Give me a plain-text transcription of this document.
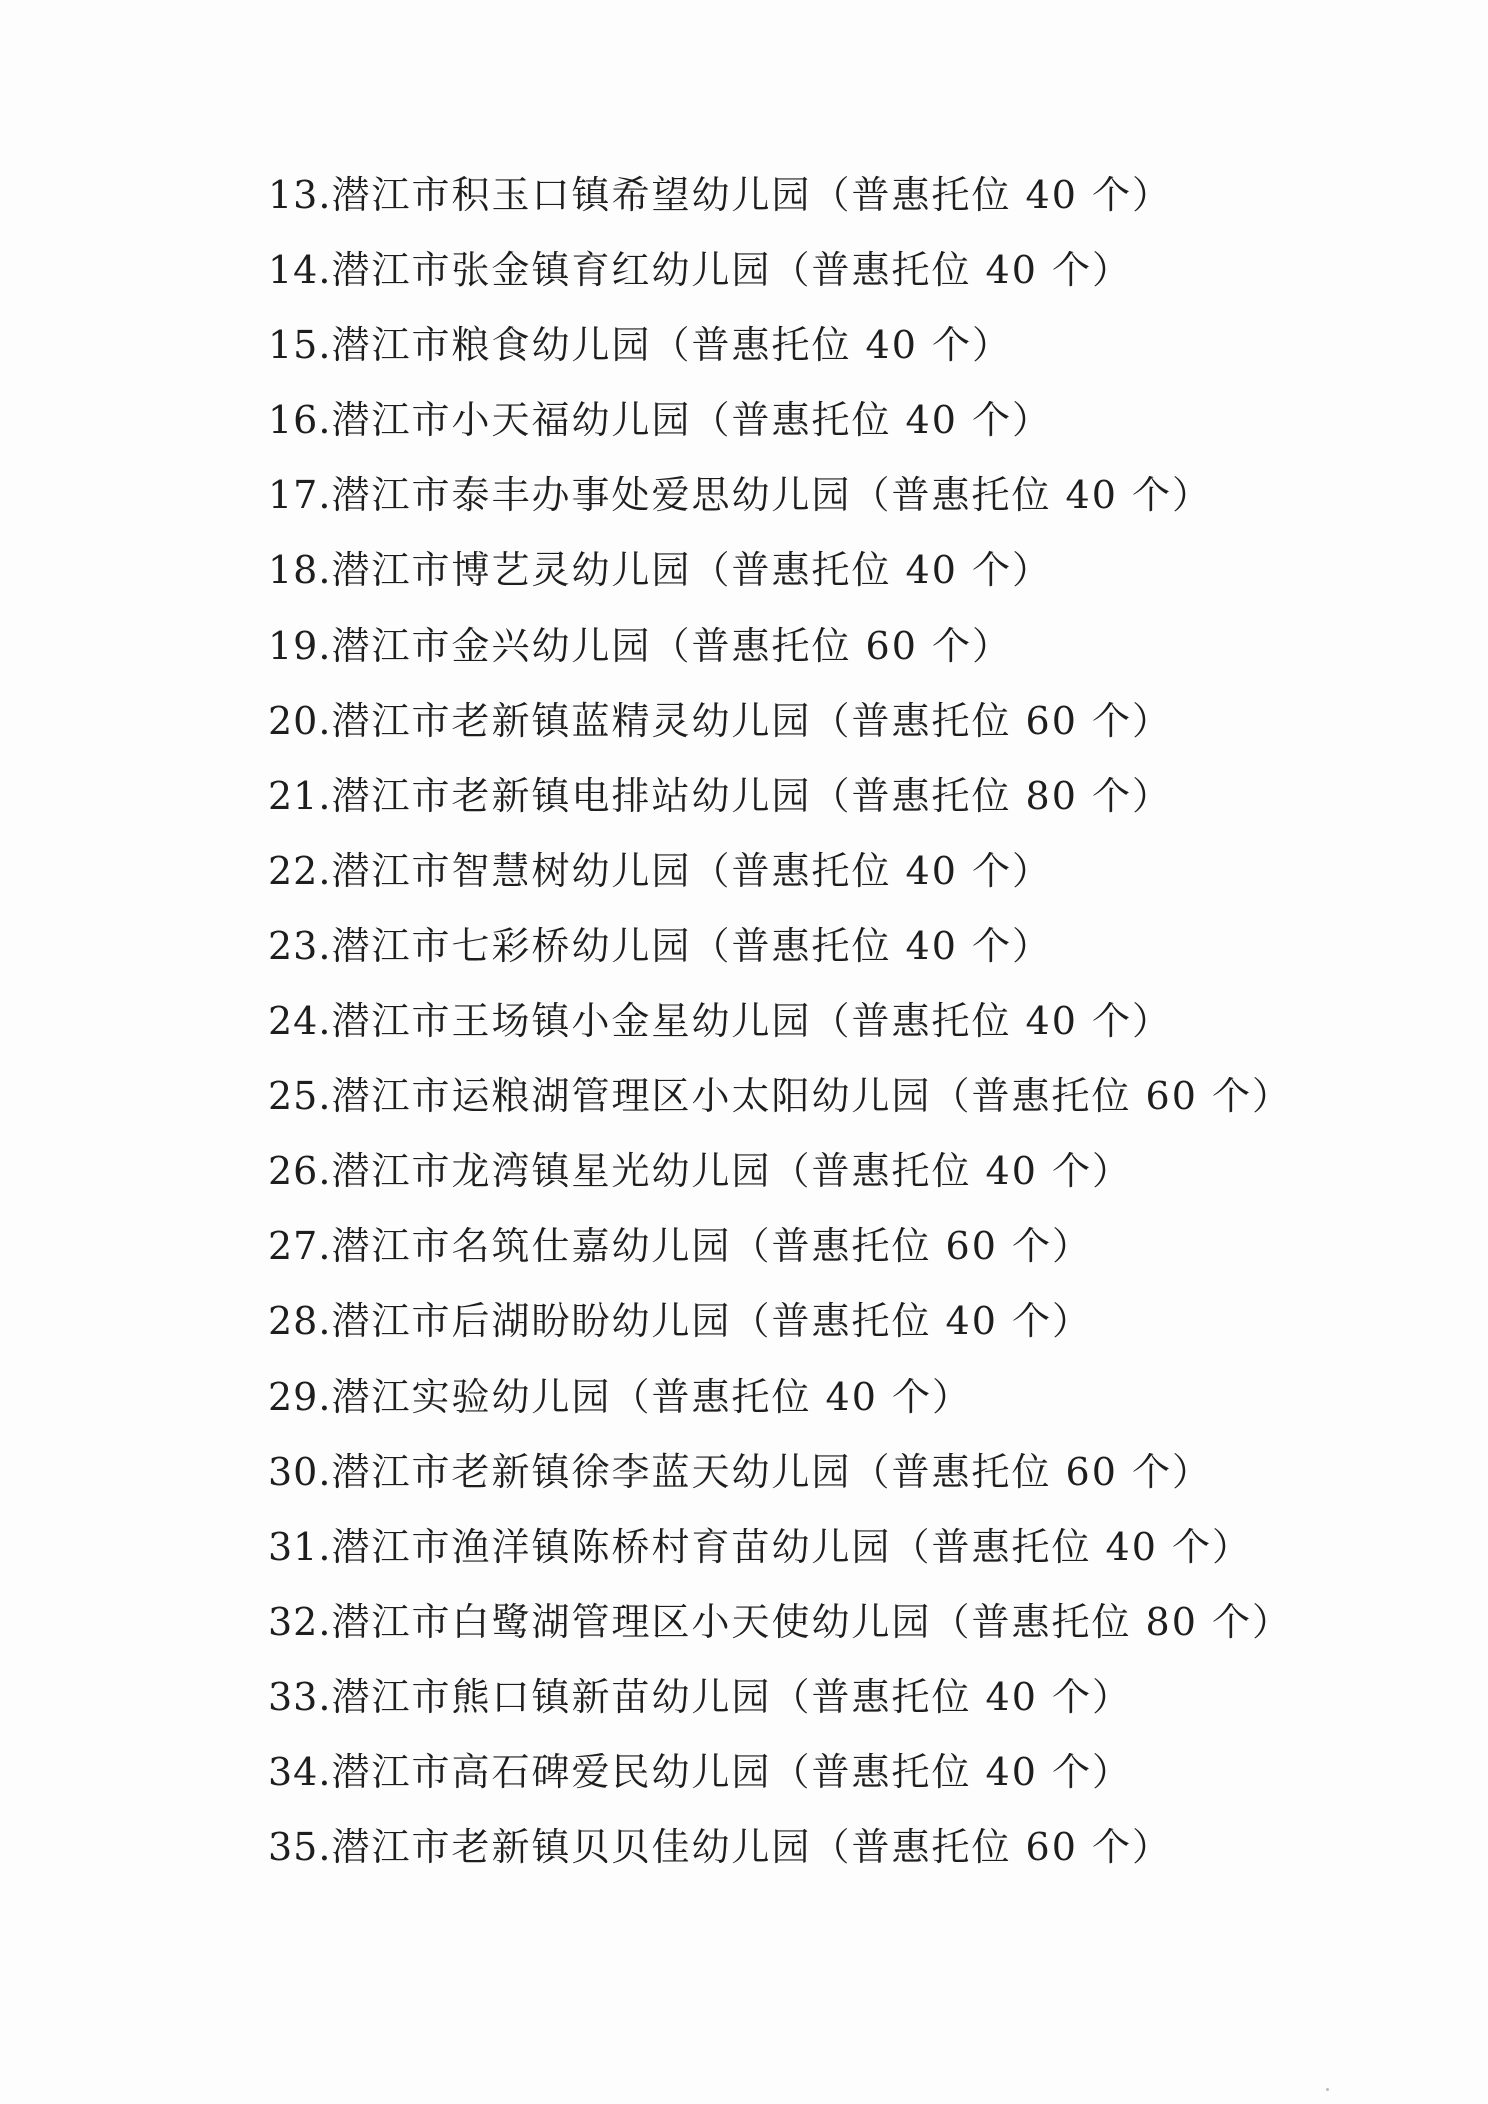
13.潜江市积玉口镇希望幼儿园（普惠托位 40 个）
14.潜江市张金镇育红幼儿园（普惠托位 40 个）
15.潜江市粮食幼儿园（普惠托位 40 个）
16.潜江市小天福幼儿园（普惠托位 40 个）
17.潜江市泰丰办事处爱思幼儿园（普惠托位 40 个）
18.潜江市博艺灵幼儿园（普惠托位 40 个）
19.潜江市金兴幼儿园（普惠托位 60 个）
20.潜江市老新镇蓝精灵幼儿园（普惠托位 60 个）
21.潜江市老新镇电排站幼儿园（普惠托位 80 个）
22.潜江市智慧树幼儿园（普惠托位 40 个）
23.潜江市七彩桥幼儿园（普惠托位 40 个）
24.潜江市王场镇小金星幼儿园（普惠托位 40 个）
25.潜江市运粮湖管理区小太阳幼儿园（普惠托位 60 个）
26.潜江市龙湾镇星光幼儿园（普惠托位 40 个）
27.潜江市名筑仕嘉幼儿园（普惠托位 60 个）
28.潜江市后湖盼盼幼儿园（普惠托位 40 个）
29.潜江实验幼儿园（普惠托位 40 个）
30.潜江市老新镇徐李蓝天幼儿园（普惠托位 60 个）
31.潜江市渔洋镇陈桥村育苗幼儿园（普惠托位 40 个）
32.潜江市白鹭湖管理区小天使幼儿园（普惠托位 80 个）
33.潜江市熊口镇新苗幼儿园（普惠托位 40 个）
34.潜江市高石碑爱民幼儿园（普惠托位 40 个）
35.潜江市老新镇贝贝佳幼儿园（普惠托位 60 个）
